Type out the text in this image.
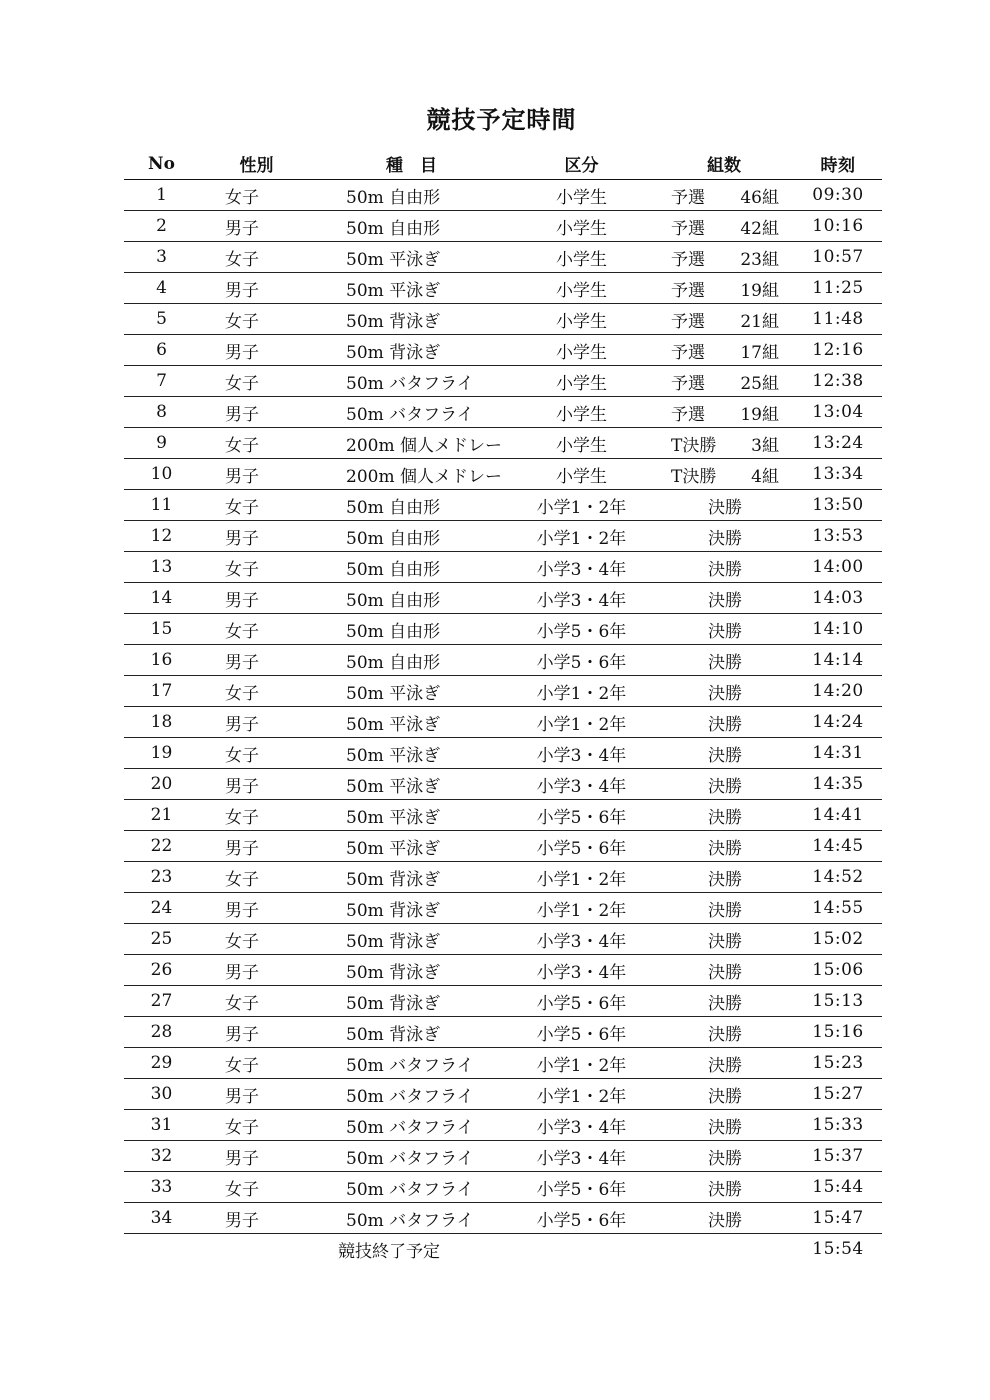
競技予定時間
No	性別	種　目	区分	組数	時刻
1	女子	50m 自由形	小学生	予選 46組	09:30
2	男子	50m 自由形	小学生	予選 42組	10:16
3	女子	50m 平泳ぎ	小学生	予選 23組	10:57
4	男子	50m 平泳ぎ	小学生	予選 19組	11:25
5	女子	50m 背泳ぎ	小学生	予選 21組	11:48
6	男子	50m 背泳ぎ	小学生	予選 17組	12:16
7	女子	50m バタフライ	小学生	予選 25組	12:38
8	男子	50m バタフライ	小学生	予選 19組	13:04
9	女子	200m 個人メドレー	小学生	T決勝 3組	13:24
10	男子	200m 個人メドレー	小学生	T決勝 4組	13:34
11	女子	50m 自由形	小学1・2年	決勝	13:50
12	男子	50m 自由形	小学1・2年	決勝	13:53
13	女子	50m 自由形	小学3・4年	決勝	14:00
14	男子	50m 自由形	小学3・4年	決勝	14:03
15	女子	50m 自由形	小学5・6年	決勝	14:10
16	男子	50m 自由形	小学5・6年	決勝	14:14
17	女子	50m 平泳ぎ	小学1・2年	決勝	14:20
18	男子	50m 平泳ぎ	小学1・2年	決勝	14:24
19	女子	50m 平泳ぎ	小学3・4年	決勝	14:31
20	男子	50m 平泳ぎ	小学3・4年	決勝	14:35
21	女子	50m 平泳ぎ	小学5・6年	決勝	14:41
22	男子	50m 平泳ぎ	小学5・6年	決勝	14:45
23	女子	50m 背泳ぎ	小学1・2年	決勝	14:52
24	男子	50m 背泳ぎ	小学1・2年	決勝	14:55
25	女子	50m 背泳ぎ	小学3・4年	決勝	15:02
26	男子	50m 背泳ぎ	小学3・4年	決勝	15:06
27	女子	50m 背泳ぎ	小学5・6年	決勝	15:13
28	男子	50m 背泳ぎ	小学5・6年	決勝	15:16
29	女子	50m バタフライ	小学1・2年	決勝	15:23
30	男子	50m バタフライ	小学1・2年	決勝	15:27
31	女子	50m バタフライ	小学3・4年	決勝	15:33
32	男子	50m バタフライ	小学3・4年	決勝	15:37
33	女子	50m バタフライ	小学5・6年	決勝	15:44
34	男子	50m バタフライ	小学5・6年	決勝	15:47
競技終了予定					15:54
